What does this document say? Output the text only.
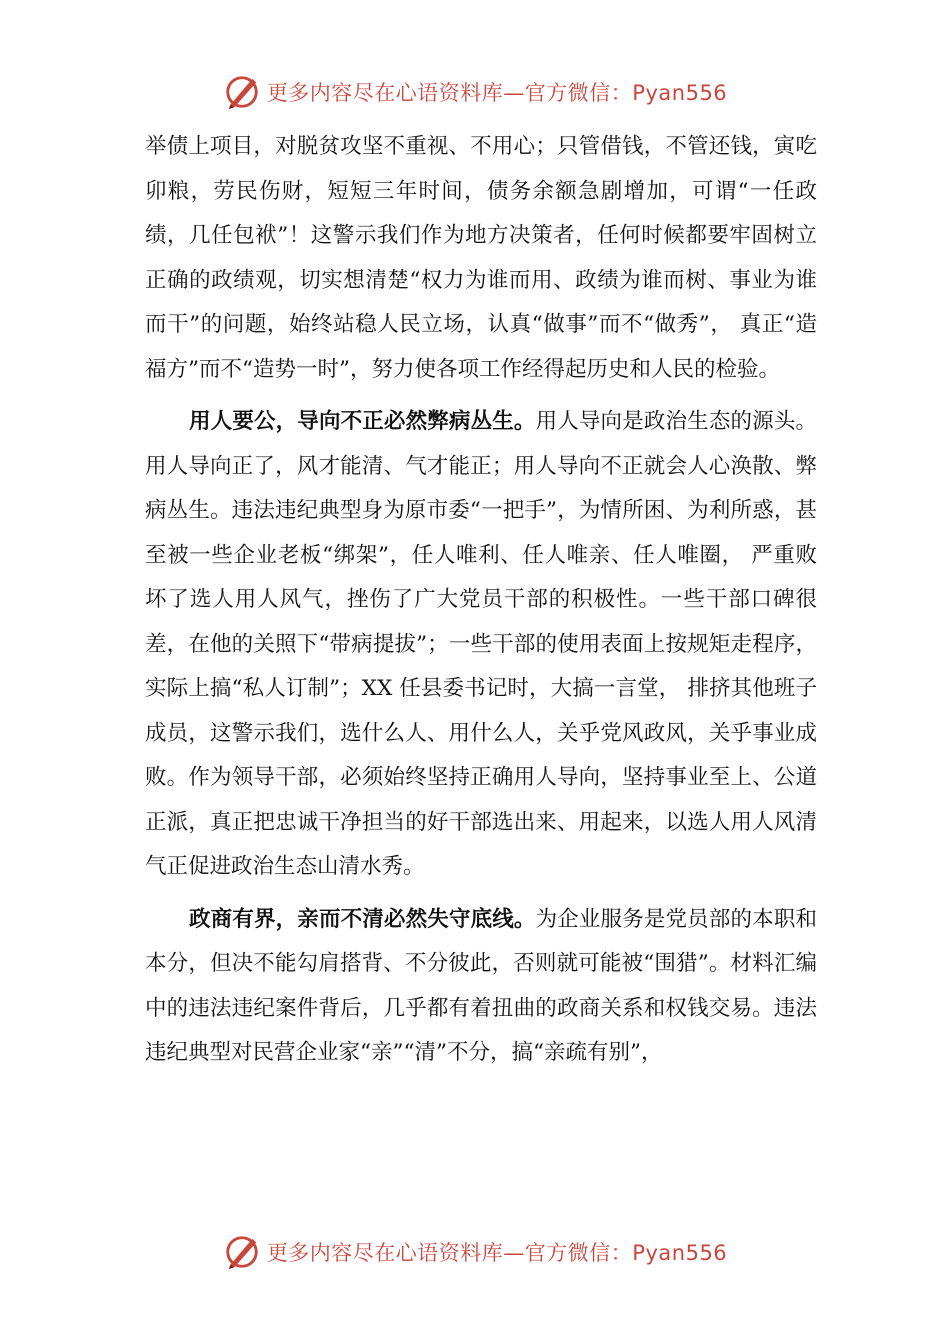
更多内容尽在心语资料库—官方微信：Pyan556

举债上项目，对脱贫攻坚不重视、不用心；只管借钱，不管还钱，寅吃卯粮，劳民伤财，短短三年时间，债务余额急剧增加，可谓“一任政绩，几任包袱”！这警示我们作为地方决策者，任何时候都要牢固树立正确的政绩观，切实想清楚“权力为谁而用、政绩为谁而树、事业为谁而干”的问题，始终站稳人民立场，认真“做事”而不“做秀”， 真正“造福方”而不“造势一时”，努力使各项工作经得起历史和人民的检验。

用人要公，导向不正必然弊病丛生。用人导向是政治生态的源头。用人导向正了，风才能清、气才能正；用人导向不正就会人心涣散、弊病丛生。违法违纪典型身为原市委“一把手”，为情所困、为利所惑，甚至被一些企业老板“绑架”，任人唯利、任人唯亲、任人唯圈， 严重败坏了选人用人风气，挫伤了广大党员干部的积极性。一些干部口碑很差，在他的关照下“带病提拔”；一些干部的使用表面上按规矩走程序，实际上搞“私人订制”；XX 任县委书记时，大搞一言堂， 排挤其他班子成员，这警示我们，选什么人、用什么人，关乎党风政风，关乎事业成败。作为领导干部，必须始终坚持正确用人导向，坚持事业至上、公道正派，真正把忠诚干净担当的好干部选出来、用起来，以选人用人风清气正促进政治生态山清水秀。

政商有界，亲而不清必然失守底线。为企业服务是党员部的本职和本分，但决不能勾肩搭背、不分彼此，否则就可能被“围猎”。材料汇编中的违法违纪案件背后，几乎都有着扭曲的政商关系和权钱交易。违法违纪典型对民营企业家“亲”“清”不分，搞“亲疏有别”，

更多内容尽在心语资料库—官方微信：Pyan556
